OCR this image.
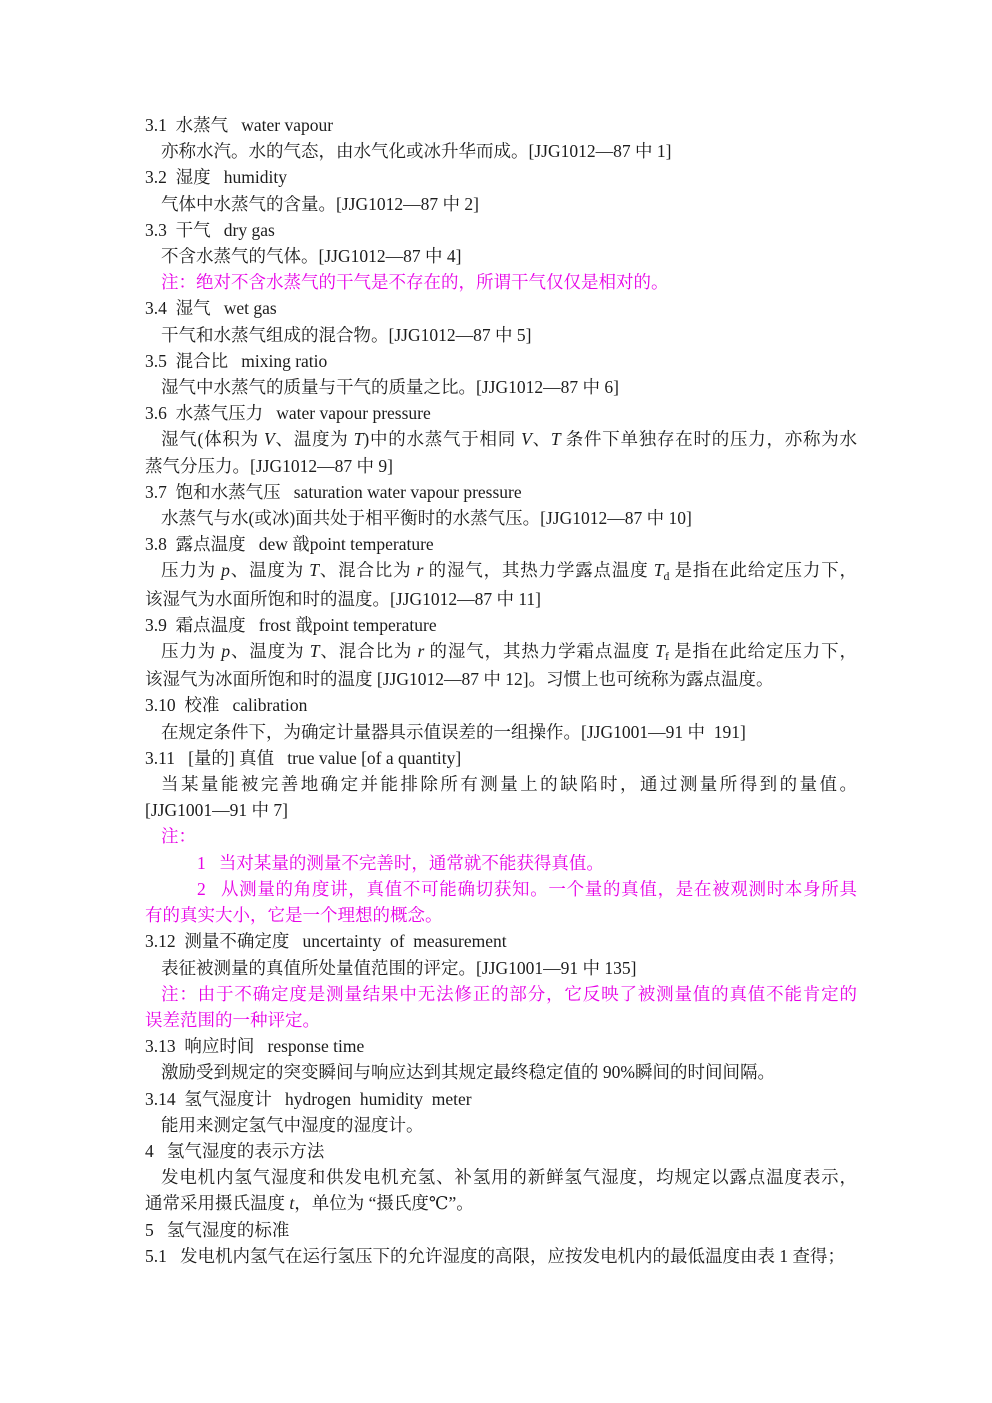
3.1  水蒸气   water vapour
亦称水汽。水的气态，由水气化或冰升华而成。[JJG1012—87 中 1]
3.2  湿度   humidity
气体中水蒸气的含量。[JJG1012—87 中 2]
3.3  干气   dry gas
不含水蒸气的气体。[JJG1012—87 中 4]
注：绝对不含水蒸气的干气是不存在的，所谓干气仅仅是相对的。
3.4  湿气   wet gas
干气和水蒸气组成的混合物。[JJG1012—87 中 5]
3.5  混合比   mixing ratio
湿气中水蒸气的质量与干气的质量之比。[JJG1012—87 中 6]
3.6  水蒸气压力   water vapour pressure
湿气(体积为 V、温度为 T)中的水蒸气于相同 V、T 条件下单独存在时的压力，亦称为水
蒸气分压力。[JJG1012—87 中 9]
3.7  饱和水蒸气压   saturation water vapour pressure
水蒸气与水(或冰)面共处于相平衡时的水蒸气压。[JJG1012—87 中 10]
3.8  露点温度   dew 戠point temperature
压力为 p、温度为 T、混合比为 r 的湿气，其热力学露点温度 $T_d$ 是指在此给定压力下，
该湿气为水面所饱和时的温度。[JJG1012—87 中 11]
3.9  霜点温度   frost 戠point temperature
压力为 p、温度为 T、混合比为 r 的湿气，其热力学霜点温度 $T_f$ 是指在此给定压力下，
该湿气为冰面所饱和时的温度 [JJG1012—87 中 12]。习惯上也可统称为露点温度。
3.10  校准   calibration
在规定条件下，为确定计量器具示值误差的一组操作。[JJG1001—91 中  191]
3.11   [量的] 真值   true value [of a quantity]
当某量能被完善地确定并能排除所有测量上的缺陷时，通过测量所得到的量值。
[JJG1001—91 中 7]
注：
1   当对某量的测量不完善时，通常就不能获得真值。
2   从测量的角度讲，真值不可能确切获知。一个量的真值，是在被观测时本身所具
有的真实大小，它是一个理想的概念。
3.12  测量不确定度   uncertainty  of  measurement
表征被测量的真值所处量值范围的评定。[JJG1001—91 中 135]
注：由于不确定度是测量结果中无法修正的部分，它反映了被测量值的真值不能肯定的
误差范围的一种评定。
3.13  响应时间   response time
激励受到规定的突变瞬间与响应达到其规定最终稳定值的 90%瞬间的时间间隔。
3.14  氢气湿度计   hydrogen  humidity  meter
能用来测定氢气中湿度的湿度计。
4   氢气湿度的表示方法
发电机内氢气湿度和供发电机充氢、补氢用的新鲜氢气湿度，均规定以露点温度表示，
通常采用摄氏温度 t，单位为 “摄氏度℃”。
5   氢气湿度的标准
5.1   发电机内氢气在运行氢压下的允许湿度的高限，应按发电机内的最低温度由表 1 查得；
